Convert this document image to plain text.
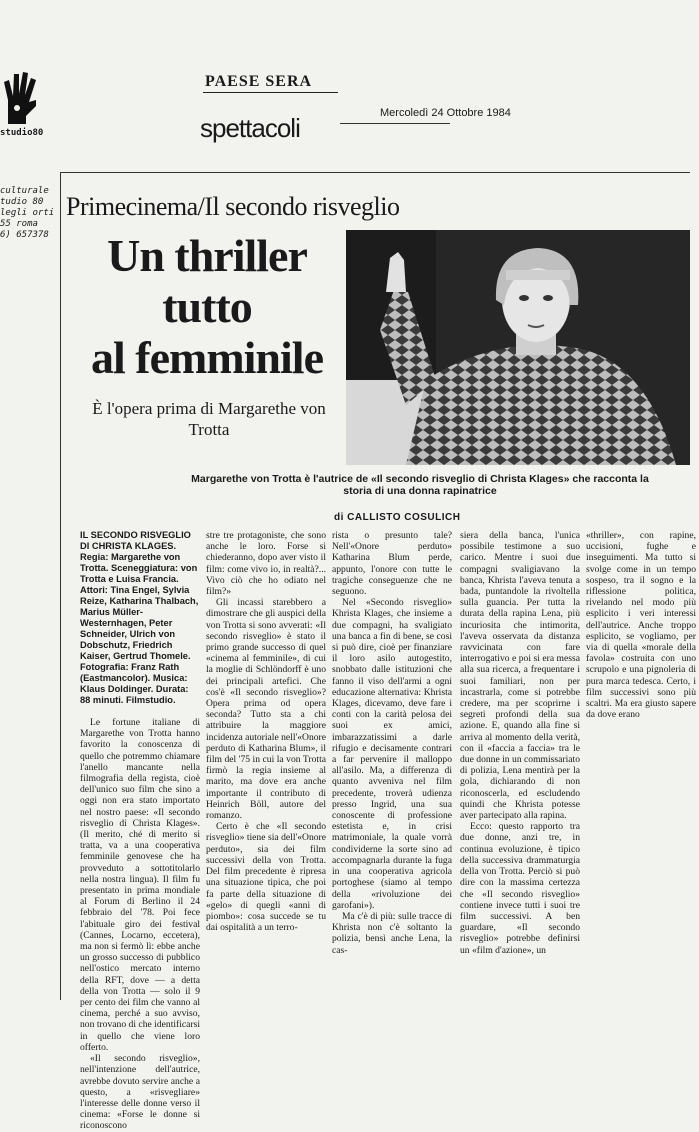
studio80
culturale
tudio 80
legli orti
55 roma
6) 657378
PAESE SERA
spettacoli	Mercoledì 24 Ottobre 1984
Primecinema/Il secondo risveglio
Un thriller
tutto
al femminile
È l'opera prima di Margarethe von Trotta
Margarethe von Trotta è l'autrice de «Il secondo risveglio di Christa Klages» che racconta la storia di una donna rapinatrice
di CALLISTO COSULICH
IL SECONDO RISVEGLIO DI CHRISTA KLAGES. Regia: Margarethe von Trotta. Sceneggiatura: von Trotta e Luisa Francia. Attori: Tina Engel, Sylvia Reize, Katharina Thalbach, Marius Müller-Westernhagen, Peter Schneider, Ulrich von Dobschutz, Friedrich Kaiser, Gertrud Thomele. Fotografia: Franz Rath (Eastmancolor). Musica: Klaus Doldinger. Durata: 88 minuti. Filmstudio.

Le fortune italiane di Margarethe von Trotta hanno favorito la conoscenza di quello che potremmo chiamare l'anello mancante nella filmografia della regista, cioè dell'unico suo film che sino a oggi non era stato importato nel nostro paese: «Il secondo risveglio di Christa Klages». (Il merito, ché di merito si tratta, va a una cooperativa femminile genovese che ha provveduto a sottotitolarlo nella nostra lingua). Il film fu presentato in prima mondiale al Forum di Berlino il 24 febbraio del '78. Poi fece l'abituale giro dei festival (Cannes, Locarno, eccetera), ma non si fermò lì: ebbe anche un grosso successo di pubblico nell'ostico mercato interno della RFT, dove — a detta della von Trotta — solo il 9 per cento dei film che vanno al cinema, perché a suo avviso, non trovano di che identificarsi in quello che viene loro offerto.

«Il secondo risveglio», nell'intenzione dell'autrice, avrebbe dovuto servire anche a questo, a «risvegliare» l'interesse delle donne verso il cinema: «Forse le donne si riconoscono

stre tre protagoniste, che sono anche le loro. Forse si chiederanno, dopo aver visto il film: come vivo io, in realtà?... Vivo ciò che ho odiato nel film?»

Gli incassi starebbero a dimostrare che gli auspici della von Trotta si sono avverati: «Il secondo risveglio» è stato il primo grande successo di quel «cinema al femminile», di cui la moglie di Schlöndorff è uno dei principali artefici. Che cos'è «Il secondo risveglio»? Opera prima od opera seconda? Tutto sta a chi attribuire la maggiore incidenza autoriale nell'«Onore perduto di Katharina Blum», il film del '75 in cui la von Trotta firmò la regia insieme al marito, ma dove era anche importante il contributo di Heinrich Böll, autore del romanzo.

Certo è che «Il secondo risveglio» tiene sia dell'«Onore perduto», sia dei film successivi della von Trotta. Del film precedente è ripresa una situazione tipica, che poi fa parte della situazione di «gelo» di quegli «anni di piombo»: cosa succede se tu dai ospitalità a un terro-

rista o presunto tale? Nell'«Onore perduto» Katharina Blum perde, appunto, l'onore con tutte le tragiche conseguenze che ne seguono.

Nel «Secondo risveglio» Khrista Klages, che insieme a due compagni, ha svaligiato una banca a fin di bene, se così si può dire, cioè per finanziare il loro asilo autogestito, snobbato dalle istituzioni che fanno il viso dell'armi a ogni educazione alternativa: Khrista Klages, dicevamo, deve fare i conti con la carità pelosa dei suoi ex amici, imbarazzatissimi a darle rifugio e decisamente contrari a far pervenire il malloppo all'asilo. Ma, a differenza di quanto avveniva nel film precedente, troverà udienza presso Ingrid, una sua conoscente di professione estetista e, in crisi matrimoniale, la quale vorrà condividerne la sorte sino ad accompagnarla durante la fuga in una cooperativa agricola portoghese (siamo al tempo della «rivoluzione dei garofani»).

Ma c'è di più: sulle tracce di Khrista non c'è soltanto la polizia, bensì anche Lena, la cas-

siera della banca, l'unica possibile testimone a suo carico. Mentre i suoi due compagni svaligiavano la banca, Khrista l'aveva tenuta a bada, puntandole la rivoltella sulla guancia. Per tutta la durata della rapina Lena, più incuriosita che intimorita, l'aveva osservata da distanza ravvicinata con fare interrogativo e poi si era messa alla sua ricerca, a frequentare i suoi familiari, non per incastrarla, come si potrebbe credere, ma per scoprirne i segreti profondi della sua azione. E, quando alla fine si arriva al momento della verità, con il «faccia a faccia» tra le due donne in un commissariato di polizia, Lena mentirà per la gola, dichiarando di non riconoscerla, ed escludendo quindi che Khrista potesse aver partecipato alla rapina.

Ecco: questo rapporto tra due donne, anzi tre, in continua evoluzione, è tipico della successiva drammaturgia della von Trotta. Perciò si può dire con la massima certezza che «Il secondo risveglio» contiene invece tutti i suoi tre film successivi. A ben guardare, «Il secondo risveglio» potrebbe definirsi un «film d'azione», un

«thriller», con rapine, uccisioni, fughe e inseguimenti. Ma tutto si svolge come in un tempo sospeso, tra il sogno e la riflessione politica, rivelando nel modo più esplicito i veri interessi dell'autrice. Anche troppo esplicito, se vogliamo, per via di quella «morale della favola» costruita con uno scrupolo e una pignoleria di pura marca tedesca. Certo, i film successivi sono più scaltri. Ma era giusto sapere da dove erano
